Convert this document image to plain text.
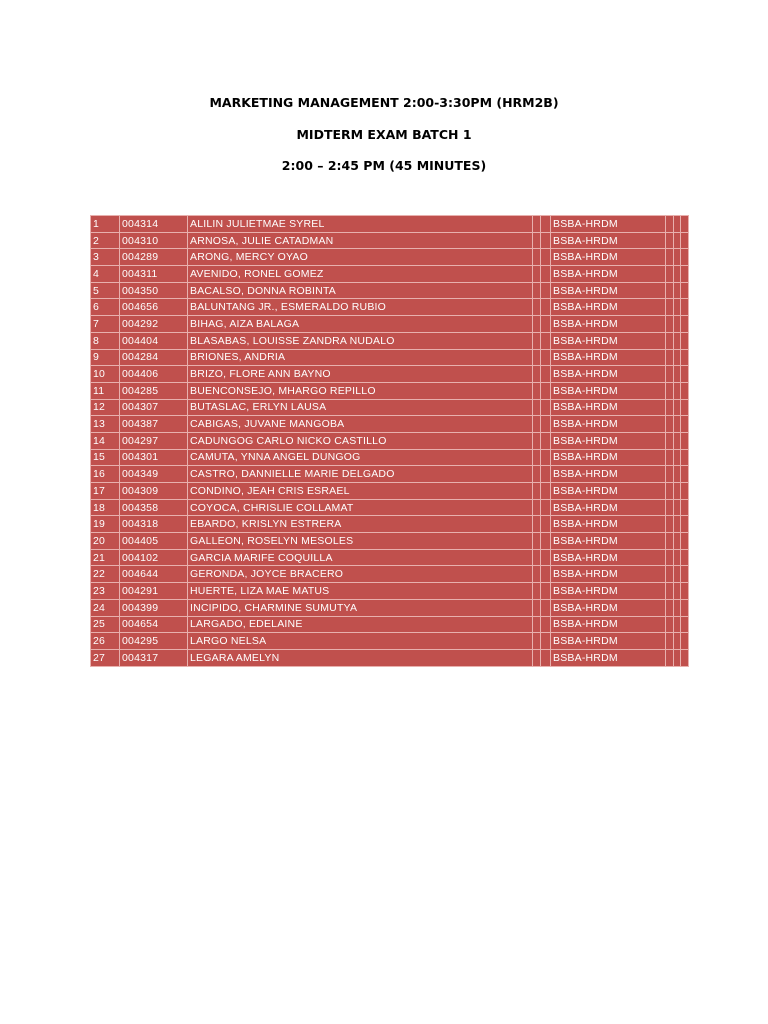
MARKETING MANAGEMENT 2:00-3:30PM (HRM2B)
MIDTERM EXAM BATCH 1
2:00 – 2:45 PM (45 MINUTES)
1	004314	ALILIN JULIETMAE SYREL			BSBA-HRDM			
2	004310	ARNOSA, JULIE CATADMAN			BSBA-HRDM			
3	004289	ARONG, MERCY OYAO			BSBA-HRDM			
4	004311	AVENIDO, RONEL GOMEZ			BSBA-HRDM			
5	004350	BACALSO, DONNA ROBINTA			BSBA-HRDM			
6	004656	BALUNTANG JR., ESMERALDO RUBIO			BSBA-HRDM			
7	004292	BIHAG, AIZA BALAGA			BSBA-HRDM			
8	004404	BLASABAS, LOUISSE ZANDRA NUDALO			BSBA-HRDM			
9	004284	BRIONES, ANDRIA			BSBA-HRDM			
10	004406	BRIZO, FLORE ANN BAYNO			BSBA-HRDM			
11	004285	BUENCONSEJO, MHARGO REPILLO			BSBA-HRDM			
12	004307	BUTASLAC, ERLYN LAUSA			BSBA-HRDM			
13	004387	CABIGAS, JUVANE MANGOBA			BSBA-HRDM			
14	004297	CADUNGOG CARLO NICKO CASTILLO			BSBA-HRDM			
15	004301	CAMUTA, YNNA ANGEL DUNGOG			BSBA-HRDM			
16	004349	CASTRO, DANNIELLE MARIE DELGADO			BSBA-HRDM			
17	004309	CONDINO, JEAH CRIS ESRAEL			BSBA-HRDM			
18	004358	COYOCA, CHRISLIE COLLAMAT			BSBA-HRDM			
19	004318	EBARDO, KRISLYN ESTRERA			BSBA-HRDM			
20	004405	GALLEON, ROSELYN MESOLES			BSBA-HRDM			
21	004102	GARCIA MARIFE COQUILLA			BSBA-HRDM			
22	004644	GERONDA, JOYCE BRACERO			BSBA-HRDM			
23	004291	HUERTE, LIZA MAE MATUS			BSBA-HRDM			
24	004399	INCIPIDO, CHARMINE SUMUTYA			BSBA-HRDM			
25	004654	LARGADO, EDELAINE			BSBA-HRDM			
26	004295	LARGO NELSA			BSBA-HRDM			
27	004317	LEGARA AMELYN			BSBA-HRDM			
